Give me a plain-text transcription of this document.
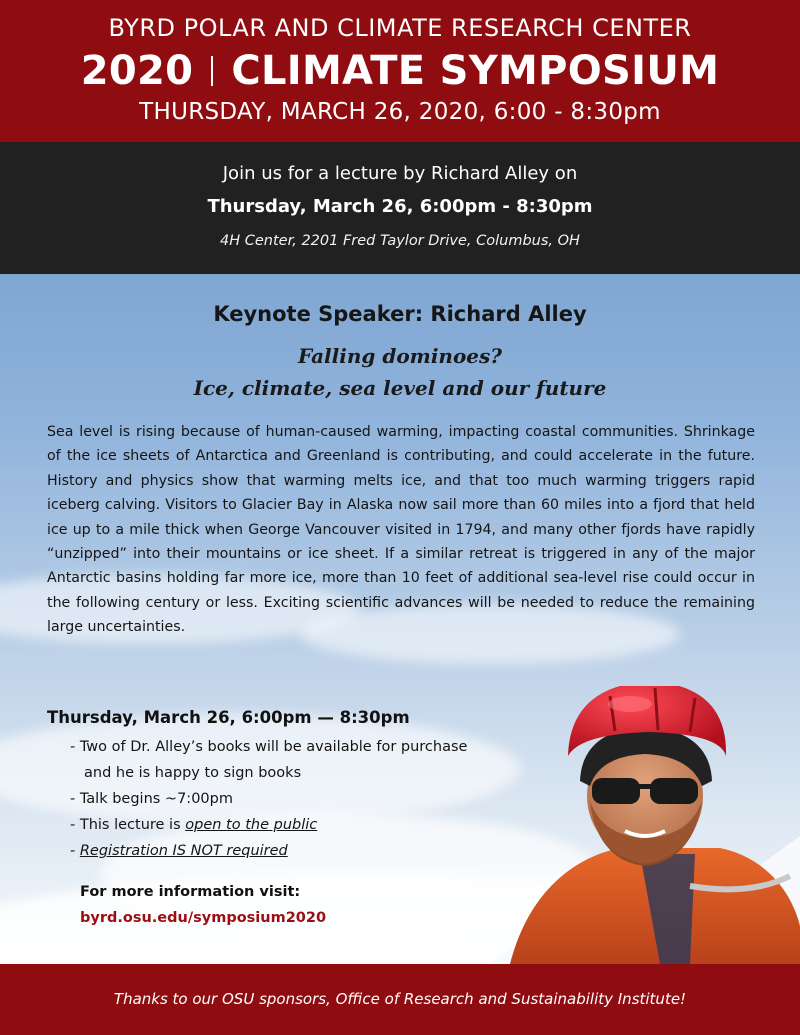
BYRD POLAR AND CLIMATE RESEARCH CENTER
2020 CLIMATE SYMPOSIUM
THURSDAY, MARCH 26, 2020, 6:00 - 8:30pm
Join us for a lecture by Richard Alley on
Thursday, March 26, 6:00pm - 8:30pm
4H Center, 2201 Fred Taylor Drive, Columbus, OH
Keynote Speaker: Richard Alley
Falling dominoes?
Ice, climate, sea level and our future
Sea level is rising because of human-caused warming, impacting coastal communities. Shrinkage of the ice sheets of Antarctica and Greenland is contributing, and could accelerate in the future. History and physics show that warming melts ice, and that too much warming triggers rapid iceberg calving. Visitors to Glacier Bay in Alaska now sail more than 60 miles into a fjord that held ice up to a mile thick when George Vancouver visited in 1794, and many other fjords have rapidly “unzipped” into their mountains or ice sheet. If a similar retreat is triggered in any of the major Antarctic basins holding far more ice, more than 10 feet of additional sea-level rise could occur in the following century or less. Exciting scientific advances will be needed to reduce the remaining large uncertainties.
Thursday, March 26, 6:00pm — 8:30pm
- Two of Dr. Alley’s books will be available for purchase
and he is happy to sign books
- Talk begins ~7:00pm
- This lecture is open to the public
- Registration IS NOT required
For more information visit:
byrd.osu.edu/symposium2020
Thanks to our OSU sponsors, Office of Research and Sustainability Institute!
